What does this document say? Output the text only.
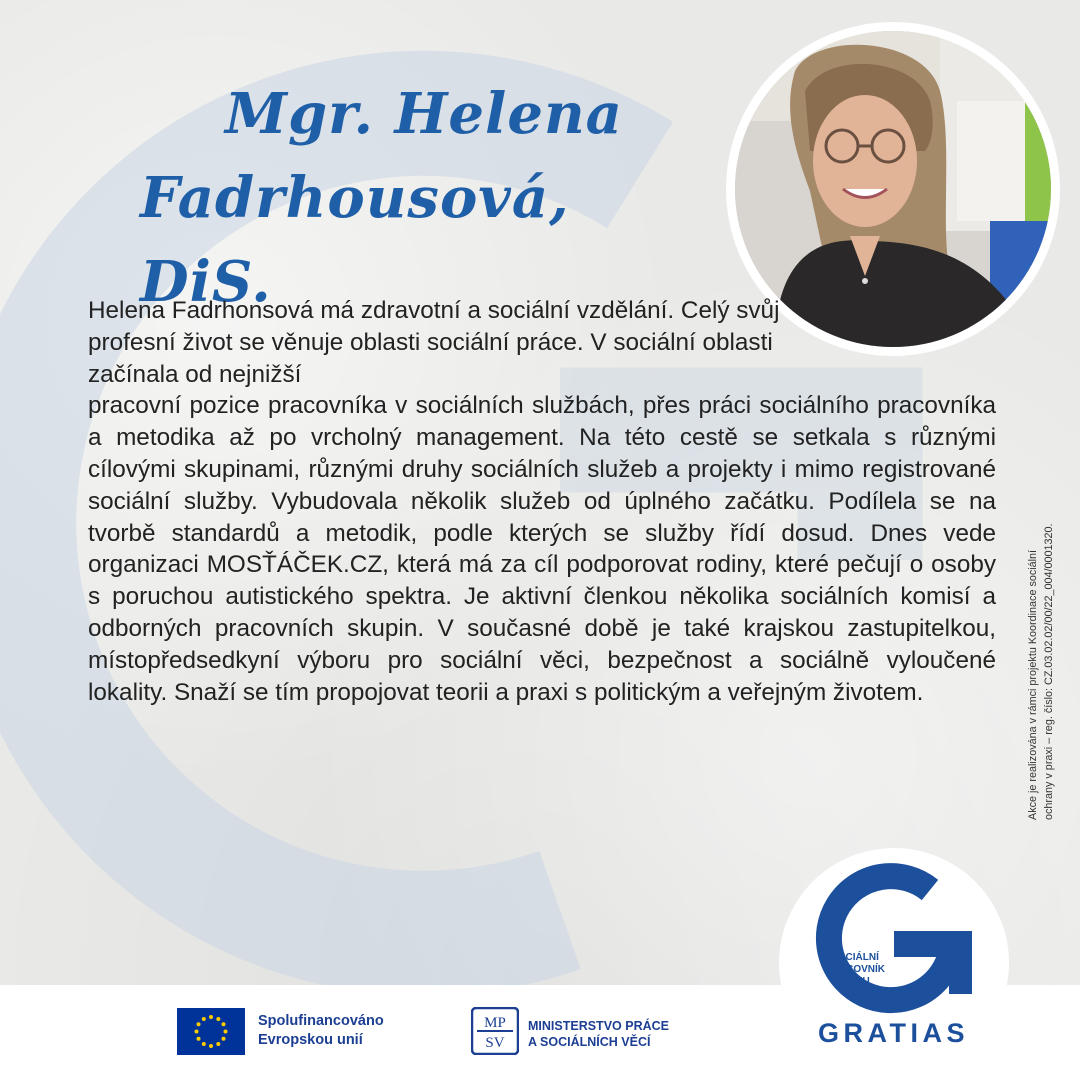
Mgr. Helena
Fadrhousová, DiS.

Helena Fadrhonsová má zdravotní a sociální vzdělání. Celý svůj profesní život se věnuje oblasti sociální práce. V sociální oblasti začínala od nejnižší

pracovní pozice pracovníka v sociálních službách, přes práci sociálního pracovníka a metodika až po vrcholný management. Na této cestě se setkala s různými cílovými skupinami, různými druhy sociálních služeb a projekty i mimo registrované sociální služby. Vybudovala několik služeb od úplného začátku. Podílela se na tvorbě standardů a metodik, podle kterých se služby řídí dosud. Dnes vede organizaci MOSŤÁČEK.CZ, která má za cíl podporovat rodiny, které pečují o osoby s poruchou autistického spektra. Je aktivní členkou několika sociálních komisí a odborných pracovních skupin. V současné době je také krajskou zastupitelkou, místopředsedkyní výboru pro sociální věci, bezpečnost a sociálně vyloučené lokality. Snaží se tím propojovat teorii a praxi s politickým a veřejným životem.	Akce je realizována v rámci projektu Koordinace sociální ochrany v praxi – reg. číslo: CZ.03.02.02/00/22_004/0001320.
Spolufinancováno
Evropskou unií
MP
SV
MINISTERSTVO PRÁCE
A SOCIÁLNÍCH VĚCÍ
SOCIÁLNÍ
PRACOVNÍK
ROKU
2025
GRATIAS
